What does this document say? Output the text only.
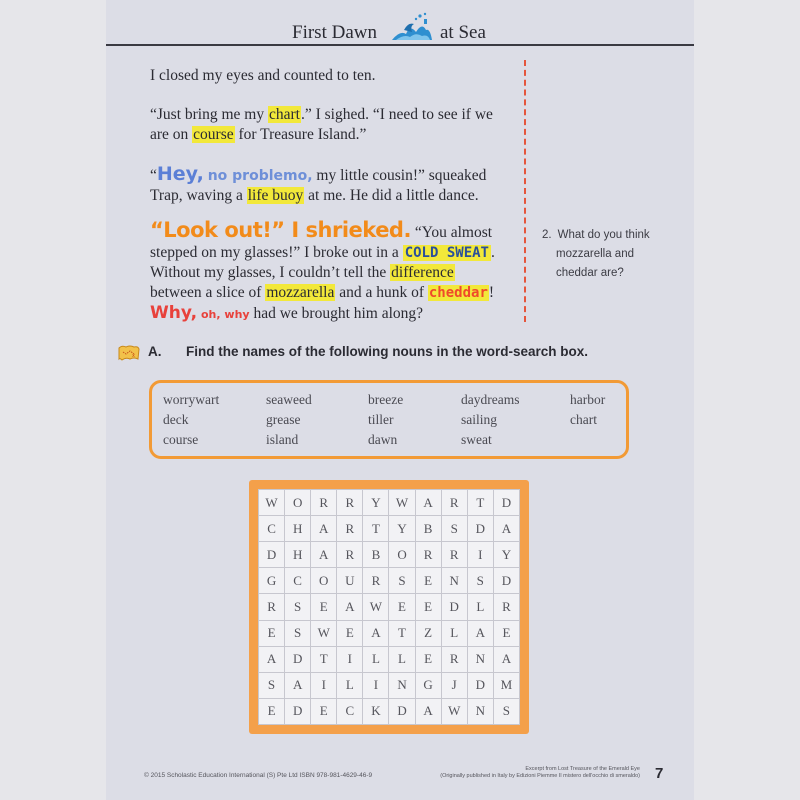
First Dawn	at Sea

I closed my eyes and counted to ten.

“Just bring me my chart.” I sighed. “I need to see if we are on course for Treasure Island.”

“Hey, no problemo, my little cousin!” squeaked Trap, waving a life buoy at me. He did a little dance.

“Look out!” I shrieked. “You almost stepped on my glasses!” I broke out in a COLD SWEAT . Without my glasses, I couldn’t tell the difference between a slice of mozzarella and a hunk of cheddar! Why, oh, why had we brought him along?

2. What do you think
mozzarella and
cheddar are?
x A. Find the names of the following nouns in the word-search box.
worrywart
deck
course
seaweed
grease
island
breeze
tiller
dawn
daydreams
sailing
sweat
harbor
chart
W	O	R	R	Y	W	A	R	T	D
C	H	A	R	T	Y	B	S	D	A
D	H	A	R	B	O	R	R	I	Y
G	C	O	U	R	S	E	N	S	D
R	S	E	A	W	E	E	D	L	R
E	S	W	E	A	T	Z	L	A	E
A	D	T	I	L	L	E	R	N	A
S	A	I	L	I	N	G	J	D	M
E	D	E	C	K	D	A	W	N	S
© 2015 Scholastic Education International (S) Pte Ltd ISBN 978-981-4629-46-9
Excerpt from Lost Treasure of the Emerald Eye
(Originally published in Italy by Edizioni Piemme Il mistero dell'occhio di smeraldo) 7
